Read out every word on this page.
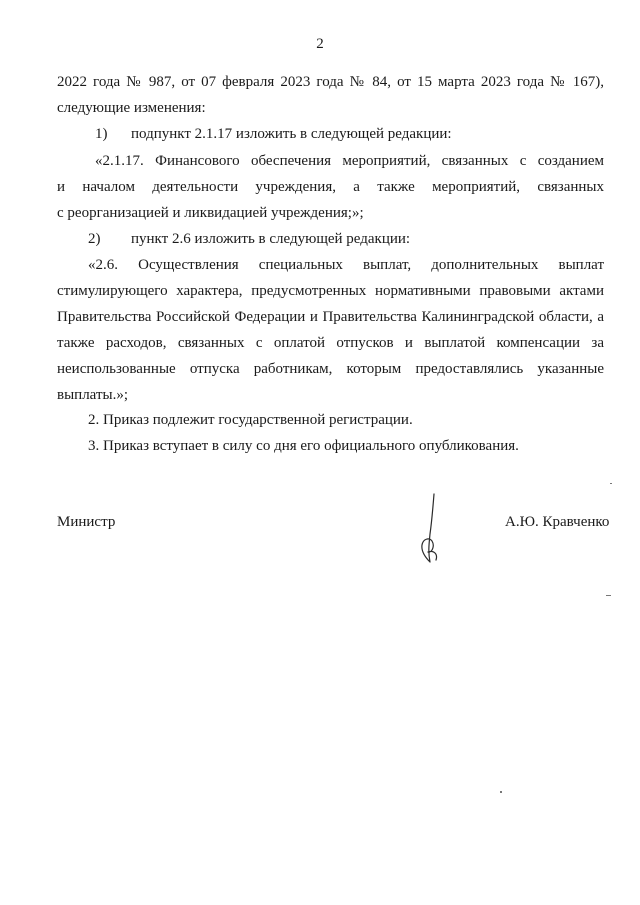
2
2022 года № 987, от 07 февраля 2023 года № 84, от 15 марта 2023 года № 167),
следующие изменения:
1) подпункт 2.1.17 изложить в следующей редакции:
«2.1.17. Финансового обеспечения мероприятий, связанных с созданием
и началом деятельности учреждения, а также мероприятий, связанных
с реорганизацией и ликвидацией учреждения;»;
2) пункт 2.6 изложить в следующей редакции:
«2.6. Осуществления специальных выплат, дополнительных выплат
стимулирующего характера, предусмотренных нормативными правовыми актами
Правительства Российской Федерации и Правительства Калининградской области, а
также расходов, связанных с оплатой отпусков и выплатой компенсации за
неиспользованные отпуска работникам, которым предоставлялись указанные
выплаты.»;
2. Приказ подлежит государственной регистрации.
3. Приказ вступает в силу со дня его официального опубликования.
Министр	А.Ю. Кравченко
